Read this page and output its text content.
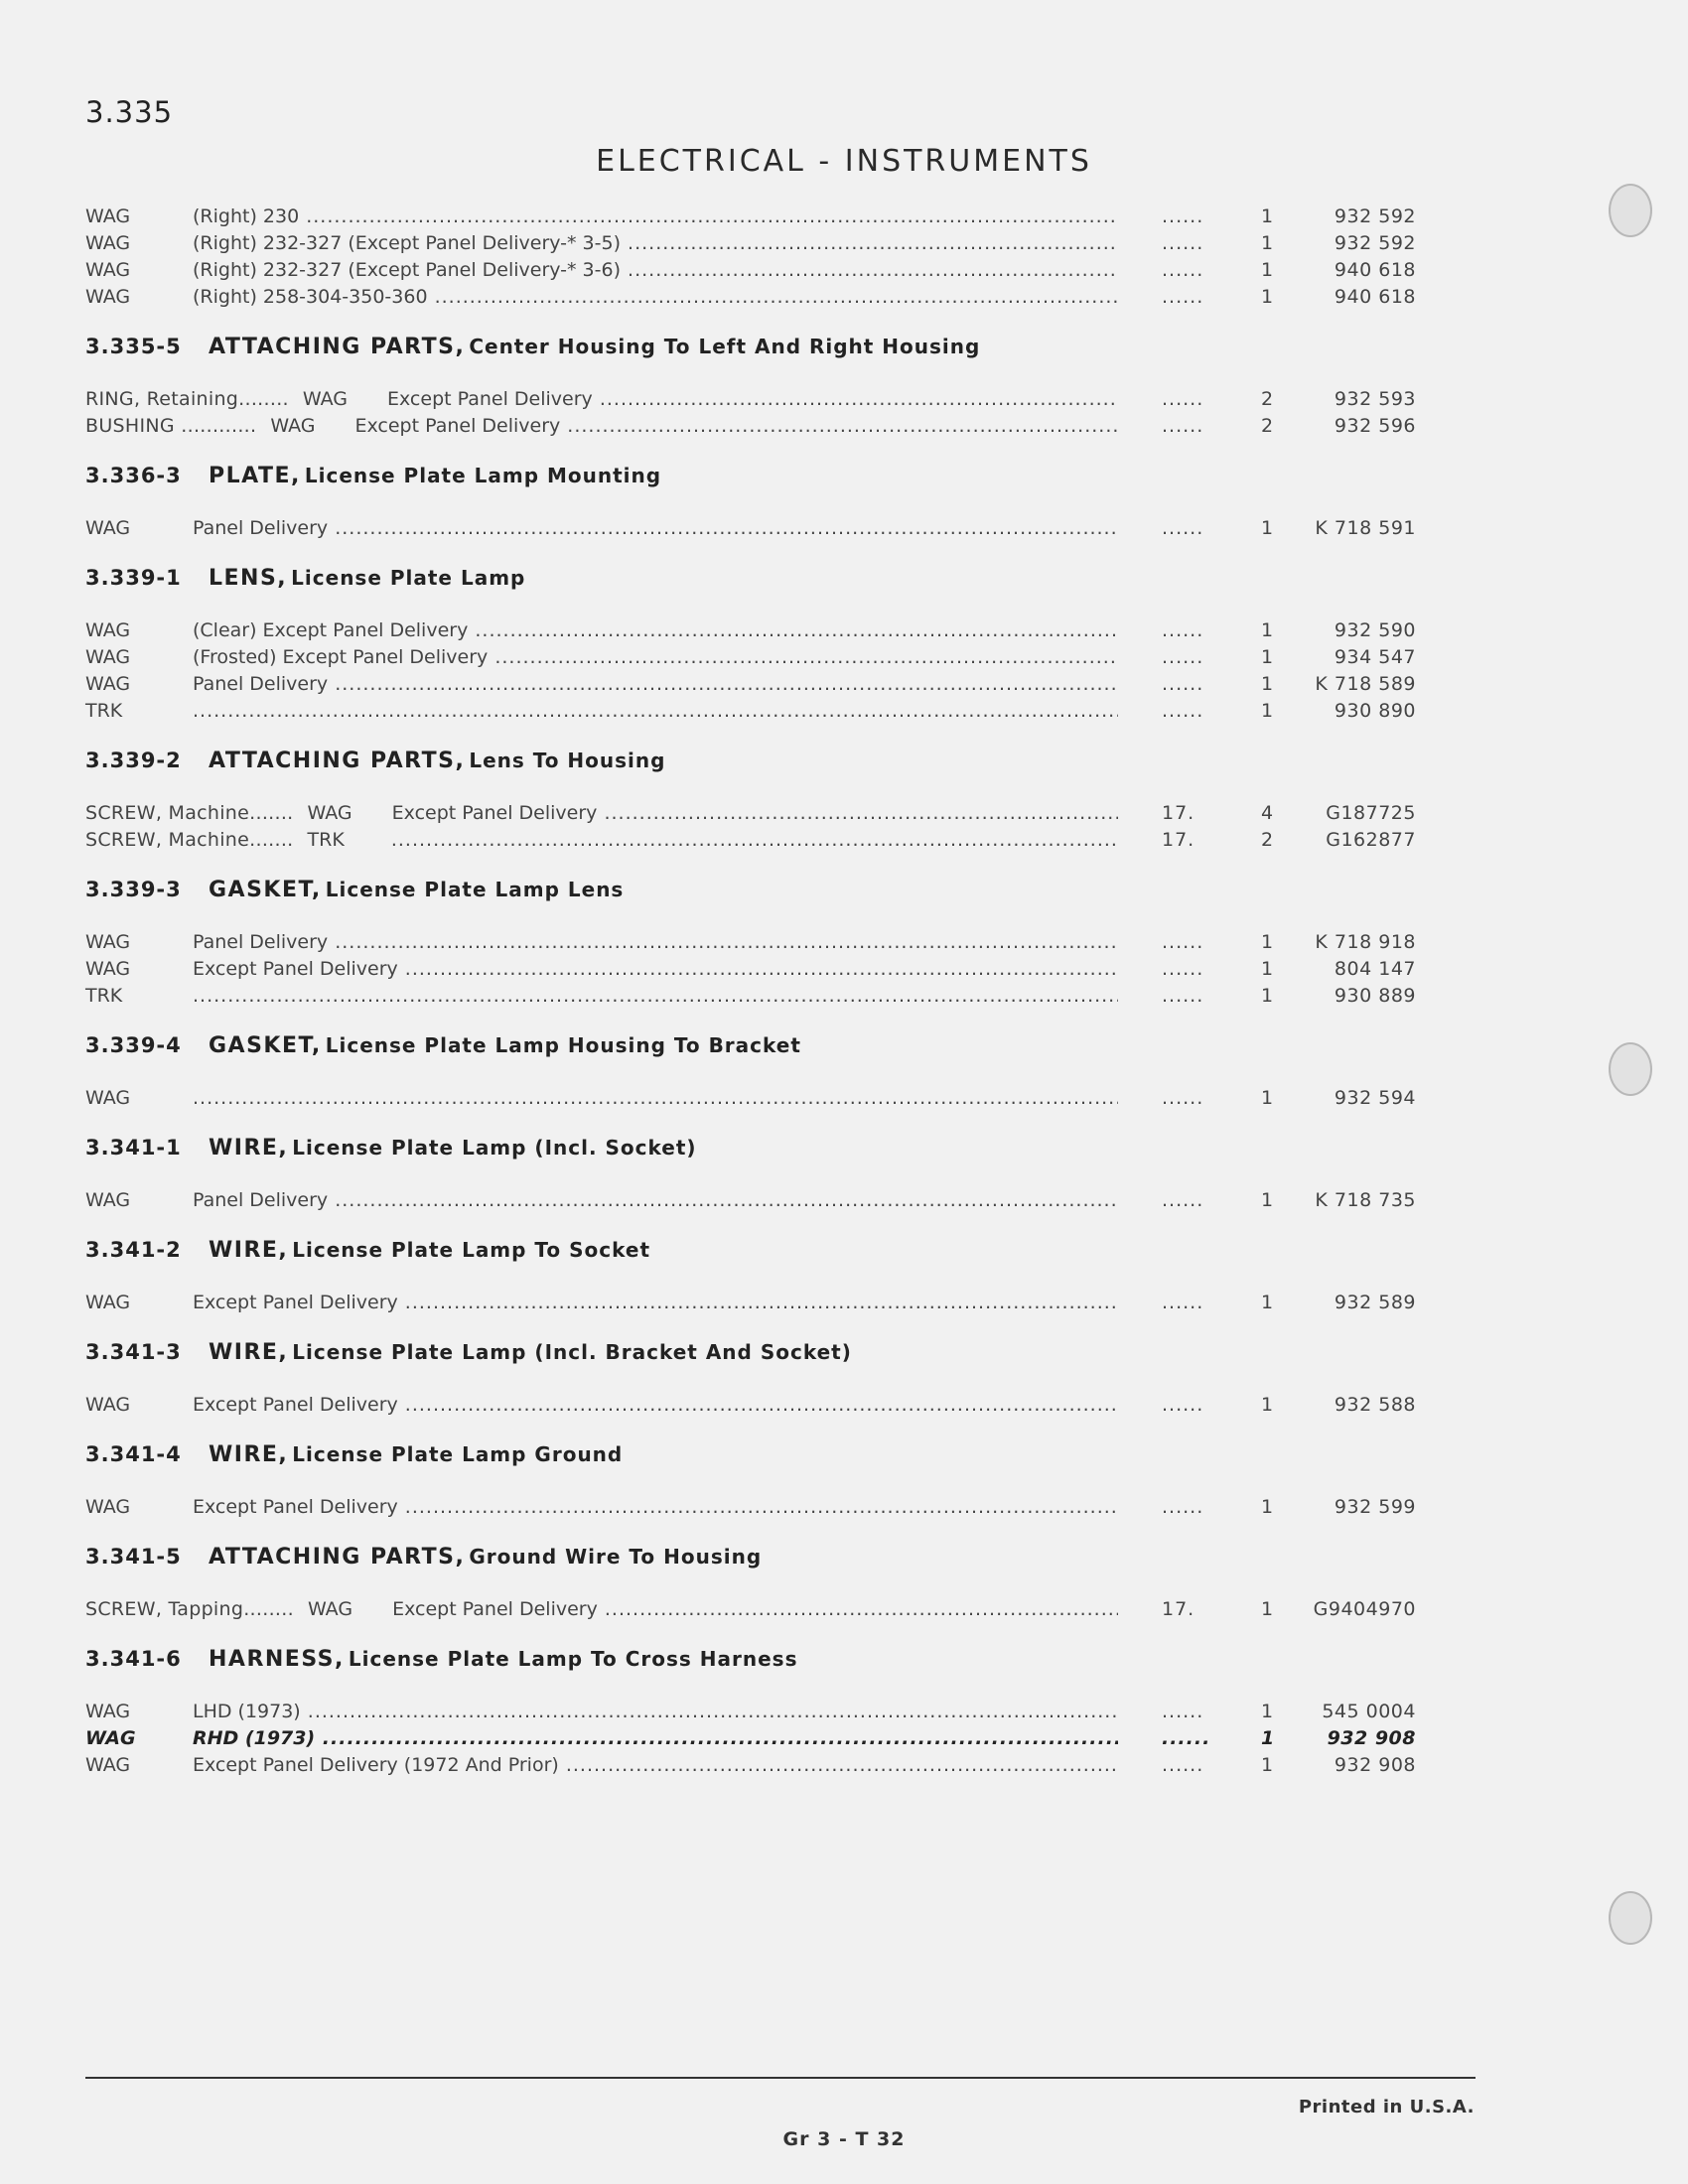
3.335
ELECTRICAL - INSTRUMENTS
WAG	(Right) 230 .....	......	1	932 592
WAG	(Right) 232-327 (Except Panel Delivery-* 3-5) .....	......	1	932 592
WAG	(Right) 232-327 (Except Panel Delivery-* 3-6) .....	......	1	940 618
WAG	(Right) 258-304-350-360 .....	......	1	940 618
3.335-5	ATTACHING PARTS, Center Housing To Left And Right Housing
RING, Retaining........ WAG Except Panel Delivery .....	......	2	932 593
BUSHING ............ WAG Except Panel Delivery .....	......	2	932 596
3.336-3	PLATE, License Plate Lamp Mounting
WAG	Panel Delivery .....	......	1	K 718 591
3.339-1	LENS, License Plate Lamp
WAG	(Clear) Except Panel Delivery .....	......	1	932 590
WAG	(Frosted) Except Panel Delivery .....	......	1	934 547
WAG	Panel Delivery .....	......	1	K 718 589
TRK .....	......	1	930 890
3.339-2	ATTACHING PARTS, Lens To Housing
SCREW, Machine....... WAG Except Panel Delivery .....	17.	4	G187725
SCREW, Machine....... TRK .....	17.	2	G162877
3.339-3	GASKET, License Plate Lamp Lens
WAG	Panel Delivery .....	......	1	K 718 918
WAG	Except Panel Delivery .....	......	1	804 147
TRK .....	......	1	930 889
3.339-4	GASKET, License Plate Lamp Housing To Bracket
WAG .....	......	1	932 594
3.341-1	WIRE, License Plate Lamp (Incl. Socket)
WAG	Panel Delivery .....	......	1	K 718 735
3.341-2	WIRE, License Plate Lamp To Socket
WAG	Except Panel Delivery .....	......	1	932 589
3.341-3	WIRE, License Plate Lamp (Incl. Bracket And Socket)
WAG	Except Panel Delivery .....	......	1	932 588
3.341-4	WIRE, License Plate Lamp Ground
WAG	Except Panel Delivery .....	......	1	932 599
3.341-5	ATTACHING PARTS, Ground Wire To Housing
SCREW, Tapping........ WAG Except Panel Delivery .....	17.	1	G9404970
3.341-6	HARNESS, License Plate Lamp To Cross Harness
WAG	LHD (1973) .....	......	1	545 0004
WAG	RHD (1973) .....	......	1	932 908
WAG	Except Panel Delivery (1972 And Prior) .....	......	1	932 908
Printed in U.S.A.
Gr 3 - T 32
